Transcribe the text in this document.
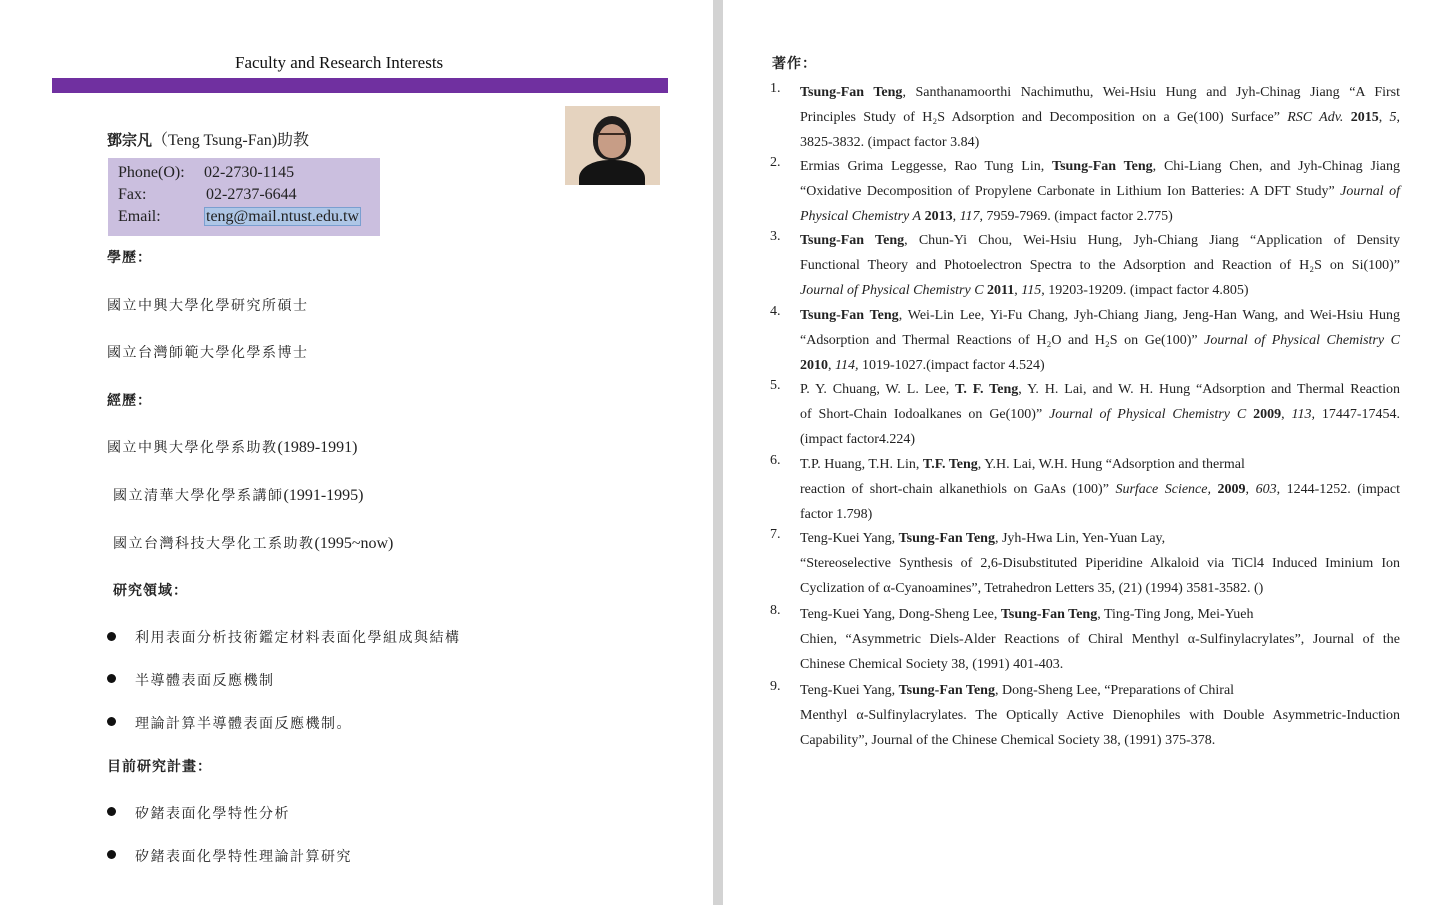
Faculty and Research Interests
鄧宗凡（Teng Tsung-Fan)助教
Phone(O): 02-2730-1145
Fax:	02-2737-6644
Email:	teng@mail.ntust.edu.tw
學歷：
國立中興大學化學研究所碩士
國立台灣師範大學化學系博士
經歷：
國立中興大學化學系助教(1989-1991)
國立清華大學化學系講師(1991-1995)
國立台灣科技大學化工系助教(1995~now)
研究領域：
利用表面分析技術鑑定材料表面化學組成與結構
半導體表面反應機制
理論計算半導體表面反應機制。
目前研究計畫：
矽鍺表面化學特性分析
矽鍺表面化學特性理論計算研究
著作：
1. Tsung-Fan Teng, Santhanamoorthi Nachimuthu, Wei-Hsiu Hung and Jyh-Chinag Jiang “A First
Principles Study of H₂S Adsorption and Decomposition on a Ge(100) Surface” RSC Adv. 2015, 5,
3825-3832. (impact factor 3.84)
2. Ermias Grima Leggesse, Rao Tung Lin, Tsung-Fan Teng, Chi-Liang Chen, and Jyh-Chinag Jiang
“Oxidative Decomposition of Propylene Carbonate in Lithium Ion Batteries: A DFT Study” Journal of
Physical Chemistry A 2013, 117, 7959-7969. (impact factor 2.775)
3. Tsung-Fan Teng, Chun-Yi Chou, Wei-Hsiu Hung, Jyh-Chiang Jiang “Application of Density
Functional Theory and Photoelectron Spectra to the Adsorption and Reaction of H₂S on Si(100)”
Journal of Physical Chemistry C 2011, 115, 19203-19209. (impact factor 4.805)
4. Tsung-Fan Teng, Wei-Lin Lee, Yi-Fu Chang, Jyh-Chiang Jiang, Jeng-Han Wang, and Wei-Hsiu Hung
“Adsorption and Thermal Reactions of H₂O and H₂S on Ge(100)” Journal of Physical Chemistry C
2010, 114, 1019-1027.(impact factor 4.524)
5. P. Y. Chuang, W. L. Lee, T. F. Teng, Y. H. Lai, and W. H. Hung “Adsorption and Thermal Reaction
of Short-Chain Iodoalkanes on Ge(100)” Journal of Physical Chemistry C 2009, 113, 17447-17454.
(impact factor4.224)
6. T.P. Huang, T.H. Lin, T.F. Teng, Y.H. Lai, W.H. Hung “Adsorption and thermal
reaction of short-chain alkanethiols on GaAs (100)” Surface Science, 2009, 603, 1244-1252. (impact
factor 1.798)
7. Teng-Kuei Yang, Tsung-Fan Teng, Jyh-Hwa Lin, Yen-Yuan Lay,
“Stereoselective Synthesis of 2,6-Disubstituted Piperidine Alkaloid via TiCl4 Induced Iminium Ion
Cyclization of α-Cyanoamines”, Tetrahedron Letters 35, (21) (1994) 3581-3582. ()
8. Teng-Kuei Yang, Dong-Sheng Lee, Tsung-Fan Teng, Ting-Ting Jong, Mei-Yueh
Chien, “Asymmetric Diels-Alder Reactions of Chiral Menthyl α-Sulfinylacrylates”, Journal of the
Chinese Chemical Society 38, (1991) 401-403.
9. Teng-Kuei Yang, Tsung-Fan Teng, Dong-Sheng Lee, “Preparations of Chiral
Menthyl α-Sulfinylacrylates. The Optically Active Dienophiles with Double Asymmetric-Induction
Capability”, Journal of the Chinese Chemical Society 38, (1991) 375-378.
